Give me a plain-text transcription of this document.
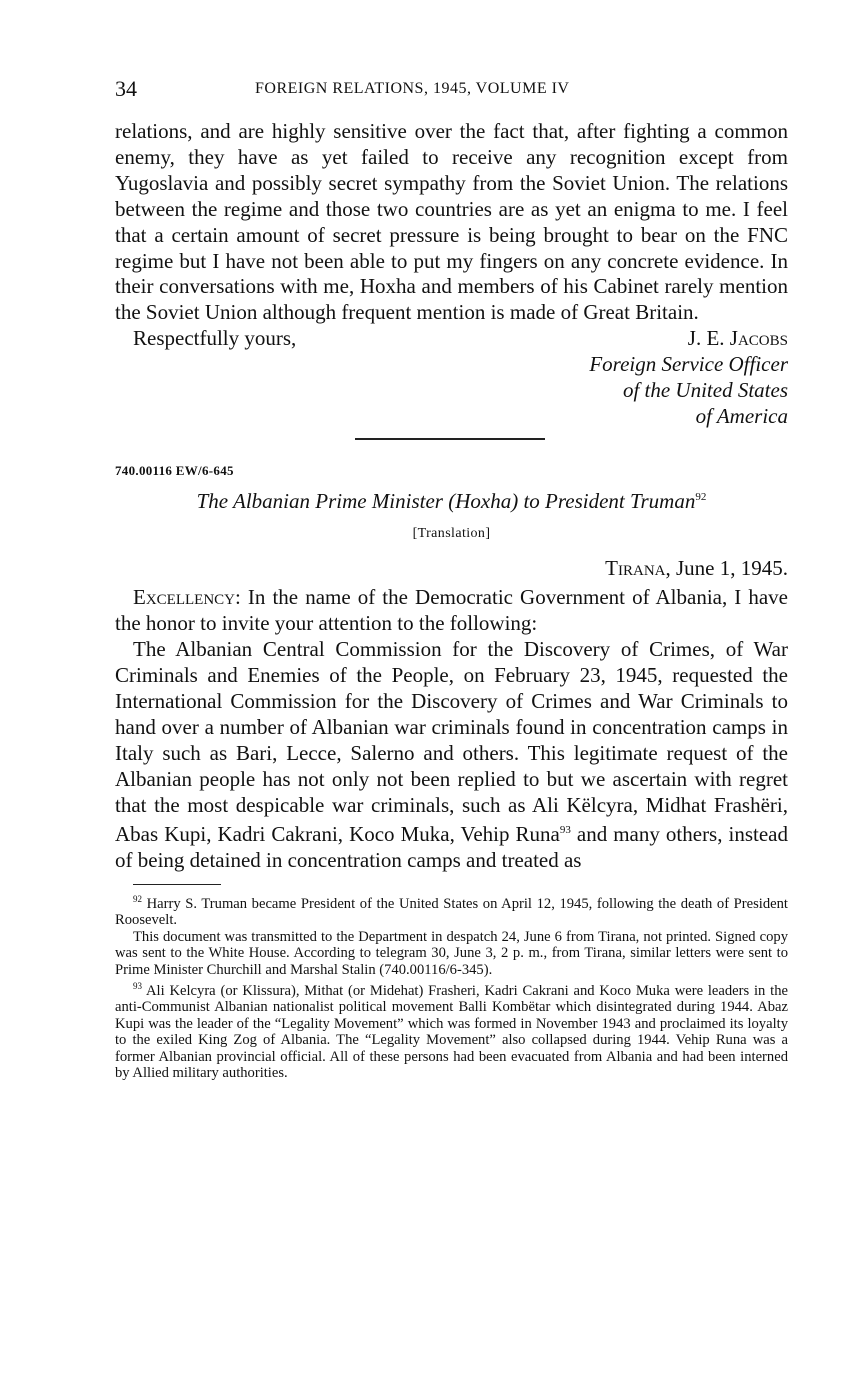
34	FOREIGN RELATIONS, 1945, VOLUME IV

relations, and are highly sensitive over the fact that, after fighting a common enemy, they have as yet failed to receive any recognition except from Yugoslavia and possibly secret sympathy from the Soviet Union. The relations between the regime and those two countries are as yet an enigma to me. I feel that a certain amount of secret pressure is being brought to bear on the FNC regime but I have not been able to put my fingers on any concrete evidence. In their conversations with me, Hoxha and members of his Cabinet rarely mention the Soviet Union although frequent mention is made of Great Britain.

Respectfully yours,	J. E. Jacobs
Foreign Service Officer
of the United States
of America
740.00116 EW/6-645
The Albanian Prime Minister (Hoxha) to President Truman$^{92}$
[Translation]
Tirana, June 1, 1945.

Excellency: In the name of the Democratic Government of Albania, I have the honor to invite your attention to the following:

The Albanian Central Commission for the Discovery of Crimes, of War Criminals and Enemies of the People, on February 23, 1945, requested the International Commission for the Discovery of Crimes and War Criminals to hand over a number of Albanian war criminals found in concentration camps in Italy such as Bari, Lecce, Salerno and others. This legitimate request of the Albanian people has not only not been replied to but we ascertain with regret that the most despicable war criminals, such as Ali Këlcyra, Midhat Frashëri, Abas Kupi, Kadri Cakrani, Koco Muka, Vehip Runa$^{93}$ and many others, instead of being detained in concentration camps and treated as

$^{92}$ Harry S. Truman became President of the United States on April 12, 1945, following the death of President Roosevelt.

This document was transmitted to the Department in despatch 24, June 6 from Tirana, not printed. Signed copy was sent to the White House. According to telegram 30, June 3, 2 p. m., from Tirana, similar letters were sent to Prime Minister Churchill and Marshal Stalin (740.00116/6-345).

$^{93}$ Ali Kelcyra (or Klissura), Mithat (or Midehat) Frasheri, Kadri Cakrani and Koco Muka were leaders in the anti-Communist Albanian nationalist political movement Balli Kombëtar which disintegrated during 1944. Abaz Kupi was the leader of the “Legality Movement” which was formed in November 1943 and proclaimed its loyalty to the exiled King Zog of Albania. The “Legality Movement” also collapsed during 1944. Vehip Runa was a former Albanian provincial official. All of these persons had been evacuated from Albania and had been interned by Allied military authorities.
